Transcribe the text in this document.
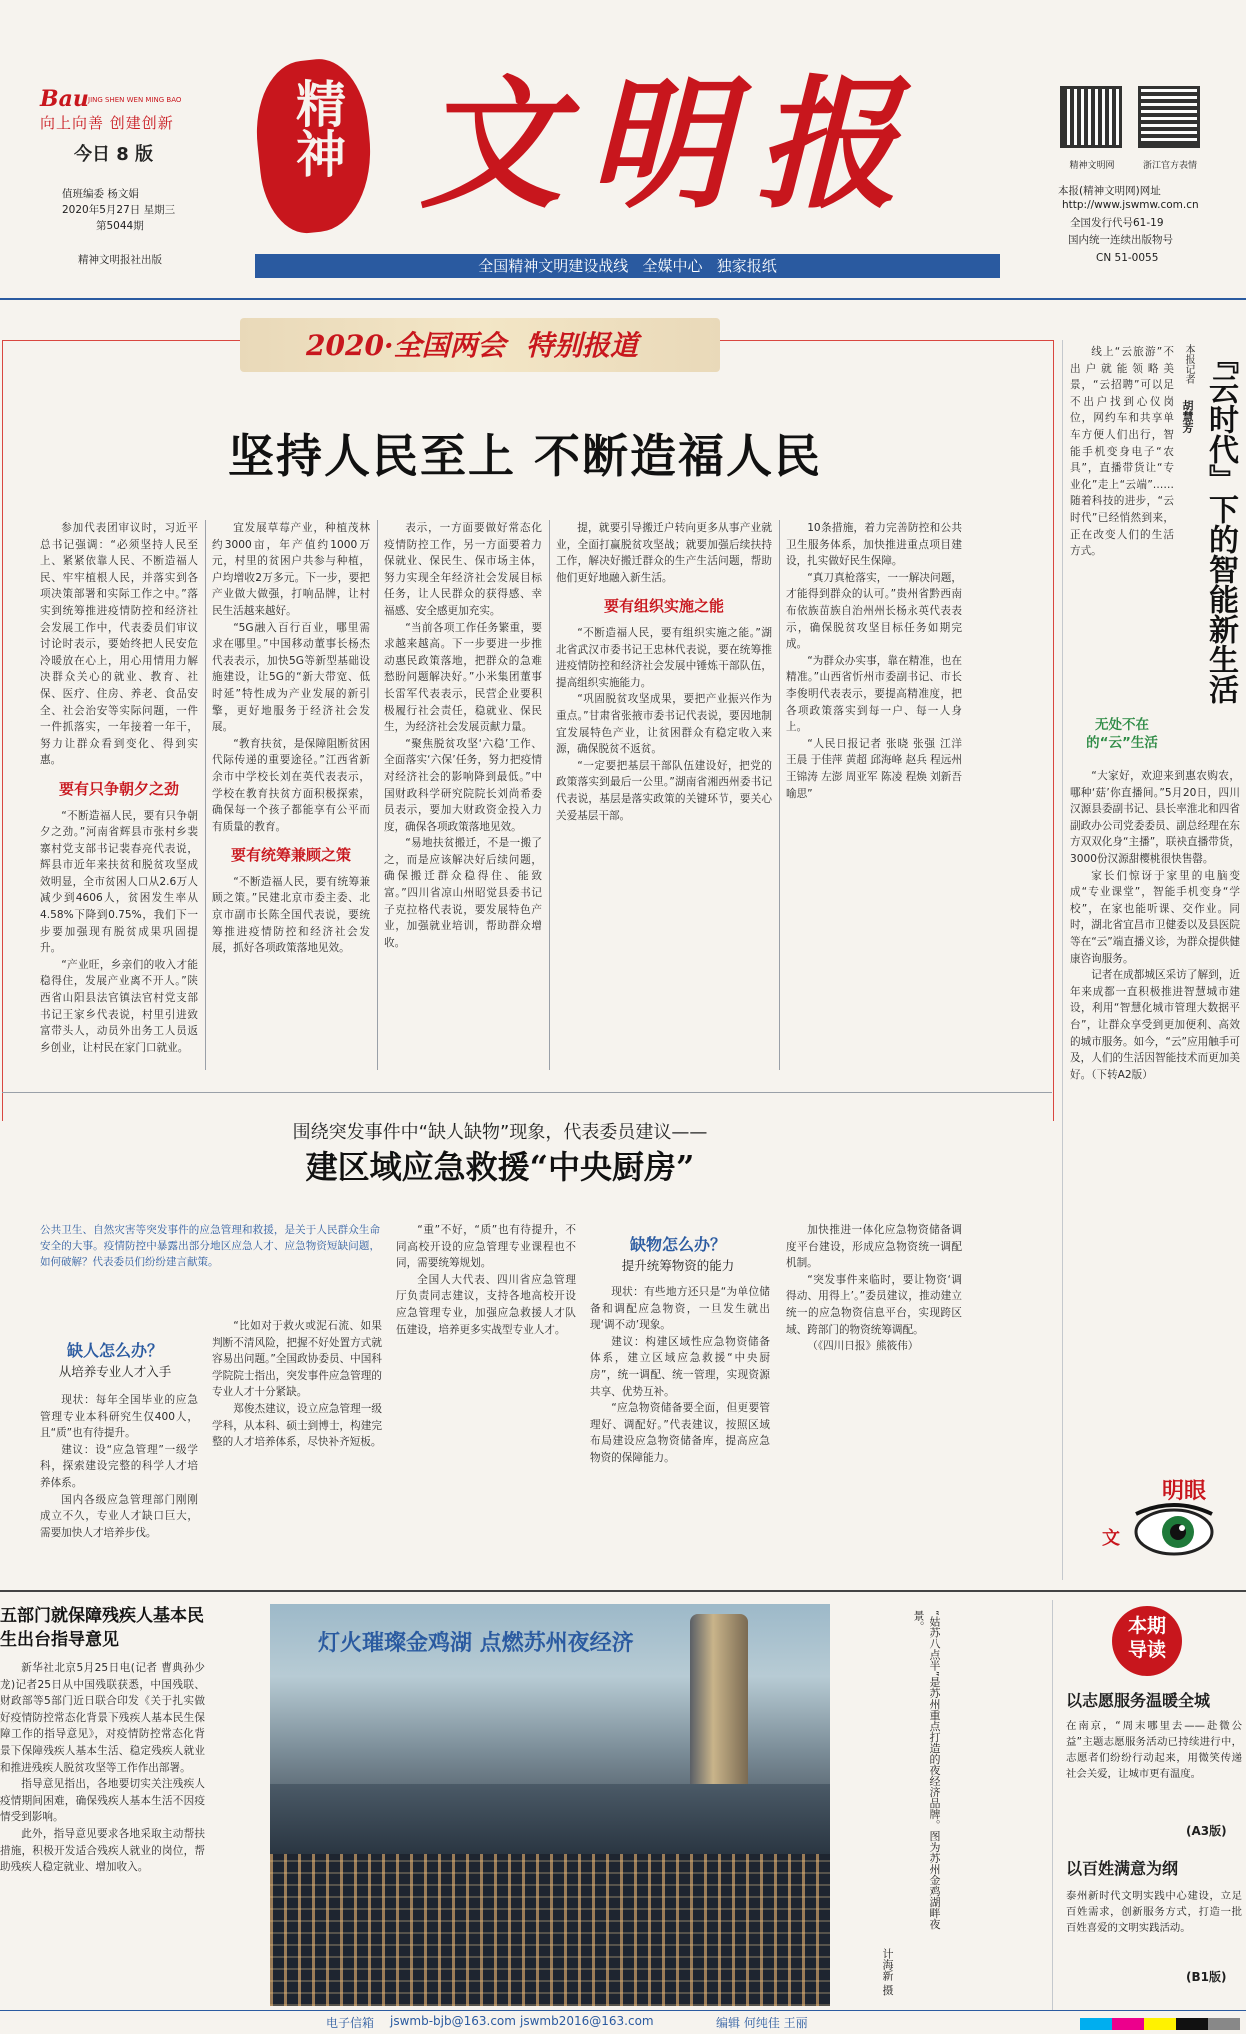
Bau JING SHEN WEN MING BAO
向上向善 创建创新
今日 8 版
值班编委 杨文娟
2020年5月27日 星期三
第5044期
精神文明报社出版
精神 文明报
全国精神文明建设战线   全媒中心   独家报纸
精神文明网	浙江官方表情
本报(精神文明网)网址
http://www.jswmw.com.cn
全国发行代号61-19
国内统一连续出版物号
CN 51-0055
2020·全国两会 特别报道
坚持人民至上 不断造福人民

参加代表团审议时，习近平总书记强调：“必须坚持人民至上、紧紧依靠人民、不断造福人民、牢牢植根人民，并落实到各项决策部署和实际工作之中。”落实到统筹推进疫情防控和经济社会发展工作中，代表委员们审议讨论时表示，要始终把人民安危冷暖放在心上，用心用情用力解决群众关心的就业、教育、社保、医疗、住房、养老、食品安全、社会治安等实际问题，一件一件抓落实，一年接着一年干，努力让群众看到变化、得到实惠。

要有只争朝夕之劲

“不断造福人民，要有只争朝夕之劲。”河南省辉县市张村乡裴寨村党支部书记裴春亮代表说，辉县市近年来扶贫和脱贫攻坚成效明显，全市贫困人口从2.6万人减少到4606人，贫困发生率从4.58%下降到0.75%，我们下一步要加强现有脱贫成果巩固提升。

“产业旺，乡亲们的收入才能稳得住，发展产业离不开人。”陕西省山阳县法官镇法官村党支部书记王家乡代表说，村里引进致富带头人，动员外出务工人员返乡创业，让村民在家门口就业。

宜发展草莓产业，种植茂林约3000亩，年产值约1000万元，村里的贫困户共参与种植，户均增收2万多元。下一步，要把产业做大做强，打响品牌，让村民生活越来越好。

“5G融入百行百业，哪里需求在哪里。”中国移动董事长杨杰代表表示，加快5G等新型基础设施建设，让5G的“新大带宽、低时延”特性成为产业发展的新引擎，更好地服务于经济社会发展。

“教育扶贫，是保障阻断贫困代际传递的重要途径。”江西省新余市中学校长刘在英代表表示，学校在教育扶贫方面积极探索，确保每一个孩子都能享有公平而有质量的教育。

要有统筹兼顾之策

“不断造福人民，要有统筹兼顾之策。”民建北京市委主委、北京市副市长陈全国代表说，要统筹推进疫情防控和经济社会发展，抓好各项政策落地见效。

表示，一方面要做好常态化疫情防控工作，另一方面要着力保就业、保民生、保市场主体，努力实现全年经济社会发展目标任务，让人民群众的获得感、幸福感、安全感更加充实。

“当前各项工作任务繁重，要求越来越高。下一步要进一步推动惠民政策落地，把群众的急难愁盼问题解决好。”小米集团董事长雷军代表表示，民营企业要积极履行社会责任，稳就业、保民生，为经济社会发展贡献力量。

“聚焦脱贫攻坚‘六稳’工作、全面落实‘六保’任务，努力把疫情对经济社会的影响降到最低。”中国财政科学研究院院长刘尚希委员表示，要加大财政资金投入力度，确保各项政策落地见效。

“易地扶贫搬迁，不是一搬了之，而是应该解决好后续问题，确保搬迁群众稳得住、能致富。”四川省凉山州昭觉县委书记子克拉格代表说，要发展特色产业，加强就业培训，帮助群众增收。

提，就要引导搬迁户转向更多从事产业就业，全面打赢脱贫攻坚战；就要加强后续扶持工作，解决好搬迁群众的生产生活问题，帮助他们更好地融入新生活。

要有组织实施之能

“不断造福人民，要有组织实施之能。”湖北省武汉市委书记王忠林代表说，要在统筹推进疫情防控和经济社会发展中锤炼干部队伍，提高组织实施能力。

“巩固脱贫攻坚成果，要把产业振兴作为重点。”甘肃省张掖市委书记代表说，要因地制宜发展特色产业，让贫困群众有稳定收入来源，确保脱贫不返贫。

“一定要把基层干部队伍建设好，把党的政策落实到最后一公里。”湖南省湘西州委书记代表说，基层是落实政策的关键环节，要关心关爱基层干部。

10条措施，着力完善防控和公共卫生服务体系，加快推进重点项目建设，扎实做好民生保障。

“真刀真枪落实，一一解决问题，才能得到群众的认可。”贵州省黔西南布依族苗族自治州州长杨永英代表表示，确保脱贫攻坚目标任务如期完成。

“为群众办实事，靠在精准，也在精准。”山西省忻州市委副书记、市长李俊明代表表示，要提高精准度，把各项政策落实到每一户、每一人身上。

“人民日报记者 张晓 张强 江洋 王晨 于佳萍 黄超 邱海峰 赵兵 程远州 王锦涛 左澎 周亚军 陈凌 程焕 刘新吾 喻思”

『云时代』下的智能新生活
本报记者
胡慧芳

线上“云旅游”不出户就能领略美景，“云招聘”可以足不出户找到心仪岗位，网约车和共享单车方便人们出行，智能手机变身电子“农具”，直播带货让“专业化”走上“云端”……随着科技的进步，“云时代”已经悄然到来，正在改变人们的生活方式。

无处不在的“云”生活

“大家好，欢迎来到惠农购农，哪种‘菇’你直播间。”5月20日，四川汉源县委副书记、县长率淮北和四省副政办公司党委委员、副总经理在东方双双化身“主播”，联袂直播带货，3000份汉源甜樱桃很快售罄。

家长们惊讶于家里的电脑变成“专业课堂”，智能手机变身“学校”，在家也能听课、交作业。同时，湖北省宜昌市卫健委以及县医院等在“云”端直播义诊，为群众提供健康咨询服务。

记者在成都城区采访了解到，近年来成都一直积极推进智慧城市建设，利用“智慧化城市管理大数据平台”，让群众享受到更加便利、高效的城市服务。如今，“云”应用触手可及，人们的生活因智能技术而更加美好。（下转A2版）

明眼
文
围绕突发事件中“缺人缺物”现象，代表委员建议——
建区域应急救援“中央厨房”
公共卫生、自然灾害等突发事件的应急管理和救援，是关于人民群众生命安全的大事。疫情防控中暴露出部分地区应急人才、应急物资短缺问题，如何破解？代表委员们纷纷建言献策。
缺人怎么办？
从培养专业人才入手

现状：每年全国毕业的应急管理专业本科研究生仅400人，且“质”也有待提升。

建议：设“应急管理”一级学科，探索建设完整的科学人才培养体系。

国内各级应急管理部门刚刚成立不久，专业人才缺口巨大，需要加快人才培养步伐。

“比如对于救火或泥石流、如果判断不清风险，把握不好处置方式就容易出问题。”全国政协委员、中国科学院院士指出，突发事件应急管理的专业人才十分紧缺。

郑俊杰建议，设立应急管理一级学科，从本科、硕士到博士，构建完整的人才培养体系，尽快补齐短板。

“重”不好，“质”也有待提升，不同高校开设的应急管理专业课程也不同，需要统筹规划。

全国人大代表、四川省应急管理厅负责同志建议，支持各地高校开设应急管理专业，加强应急救援人才队伍建设，培养更多实战型专业人才。

缺物怎么办？
提升统筹物资的能力

现状：有些地方还只是“为单位储备和调配应急物资，一旦发生就出现‘调不动’现象。

建议：构建区域性应急物资储备体系，建立区域应急救援“中央厨房”，统一调配、统一管理，实现资源共享、优势互补。

“应急物资储备要全面，但更要管理好、调配好。”代表建议，按照区域布局建设应急物资储备库，提高应急物资的保障能力。

加快推进一体化应急物资储备调度平台建设，形成应急物资统一调配机制。

“突发事件来临时，要让物资‘调得动、用得上’。”委员建议，推动建立统一的应急物资信息平台，实现跨区域、跨部门的物资统筹调配。

（《四川日报》熊筱伟）

五部门就保障残疾人基本民生出台指导意见

新华社北京5月25日电(记者 曹典孙少龙)记者25日从中国残联获悉，中国残联、财政部等5部门近日联合印发《关于扎实做好疫情防控常态化背景下残疾人基本民生保障工作的指导意见》，对疫情防控常态化背景下保障残疾人基本生活、稳定残疾人就业和推进残疾人脱贫攻坚等工作作出部署。

指导意见指出，各地要切实关注残疾人疫情期间困难，确保残疾人基本生活不因疫情受到影响。

此外，指导意见要求各地采取主动帮扶措施，积极开发适合残疾人就业的岗位，帮助残疾人稳定就业、增加收入。

灯火璀璨金鸡湖 点燃苏州夜经济	“姑苏八点半”是苏州重点打造的夜经济品牌。图为苏州金鸡湖畔夜景。
计海新 摄
本期导读
以志愿服务温暖全城
在南京，“周末哪里去——赴微公益”主题志愿服务活动已持续进行中，志愿者们纷纷行动起来，用微笑传递社会关爱，让城市更有温度。
(A3版)
以百姓满意为纲
泰州新时代文明实践中心建设，立足百姓需求，创新服务方式，打造一批百姓喜爱的文明实践活动。
(B1版)
电子信箱 jswmb-bjb@163.com jswmb2016@163.com	编辑 何纯佳 王丽
